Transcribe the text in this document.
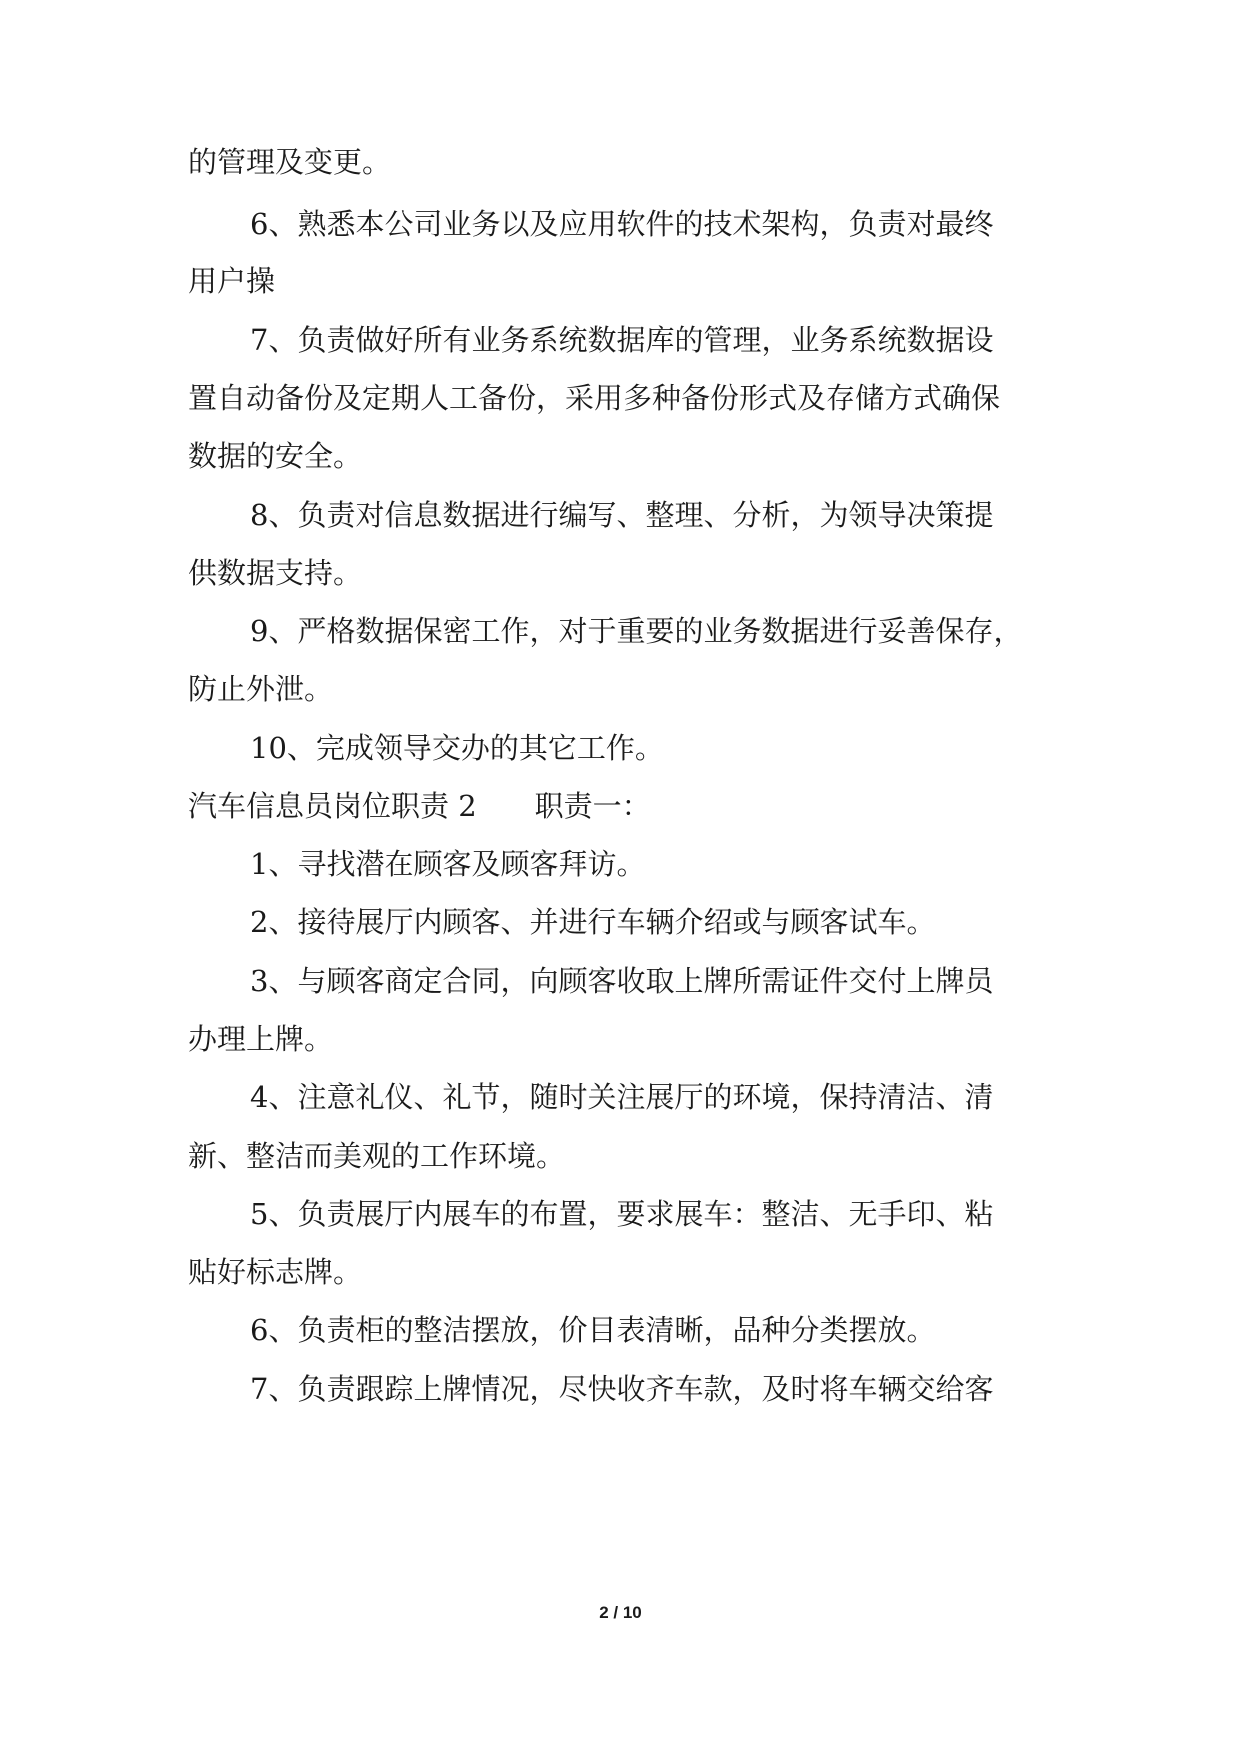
的管理及变更。
6、熟悉本公司业务以及应用软件的技术架构，负责对最终
用户操
7、负责做好所有业务系统数据库的管理，业务系统数据设
置自动备份及定期人工备份，采用多种备份形式及存储方式确保
数据的安全。
8、负责对信息数据进行编写、整理、分析，为领导决策提
供数据支持。
9、严格数据保密工作，对于重要的业务数据进行妥善保存，
防止外泄。
10、完成领导交办的其它工作。
汽车信息员岗位职责 2　　职责一：
1、寻找潜在顾客及顾客拜访。
2、接待展厅内顾客、并进行车辆介绍或与顾客试车。
3、与顾客商定合同，向顾客收取上牌所需证件交付上牌员
办理上牌。
4、注意礼仪、礼节，随时关注展厅的环境，保持清洁、清
新、整洁而美观的工作环境。
5、负责展厅内展车的布置，要求展车：整洁、无手印、粘
贴好标志牌。
6、负责柜的整洁摆放，价目表清晰，品种分类摆放。
7、负责跟踪上牌情况，尽快收齐车款，及时将车辆交给客
2 / 10
